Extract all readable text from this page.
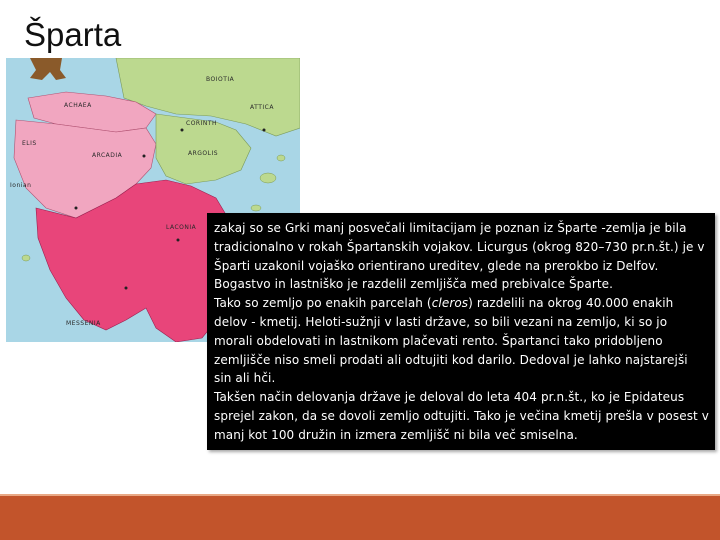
Šparta
BOIOTIA
ATTICA
ACHAEA
ELIS
ARCADIA	ARGOLIS
LACONIA
MESSENIA
CORINTH
Ionian

zakaj so se Grki manj posvečali limitacijam je poznan iz Šparte -zemlja je bila tradicionalno v rokah Špartanskih vojakov. Licurgus (okrog 820–730 pr.n.št.) je v Šparti uzakonil vojaško orientirano ureditev, glede na prerokbo iz Delfov. Bogastvo in lastniško je razdelil zemljišča med prebivalce Šparte.

Tako so zemljo po enakih parcelah (cleros) razdelili na okrog 40.000 enakih delov - kmetij. Heloti-sužnji v lasti države, so bili vezani na zemljo, ki so jo morali obdelovati in lastnikom plačevati rento. Špartanci tako pridobljeno zemljišče niso smeli prodati ali odtujiti kod darilo. Dedoval je lahko najstarejši sin ali hči.

Takšen način delovanja države je deloval do leta 404 pr.n.št., ko je Epidateus sprejel zakon, da se dovoli zemljo odtujiti. Tako je večina kmetij prešla v posest v manj kot 100 družin in izmera zemljišč ni bila več smiselna.
